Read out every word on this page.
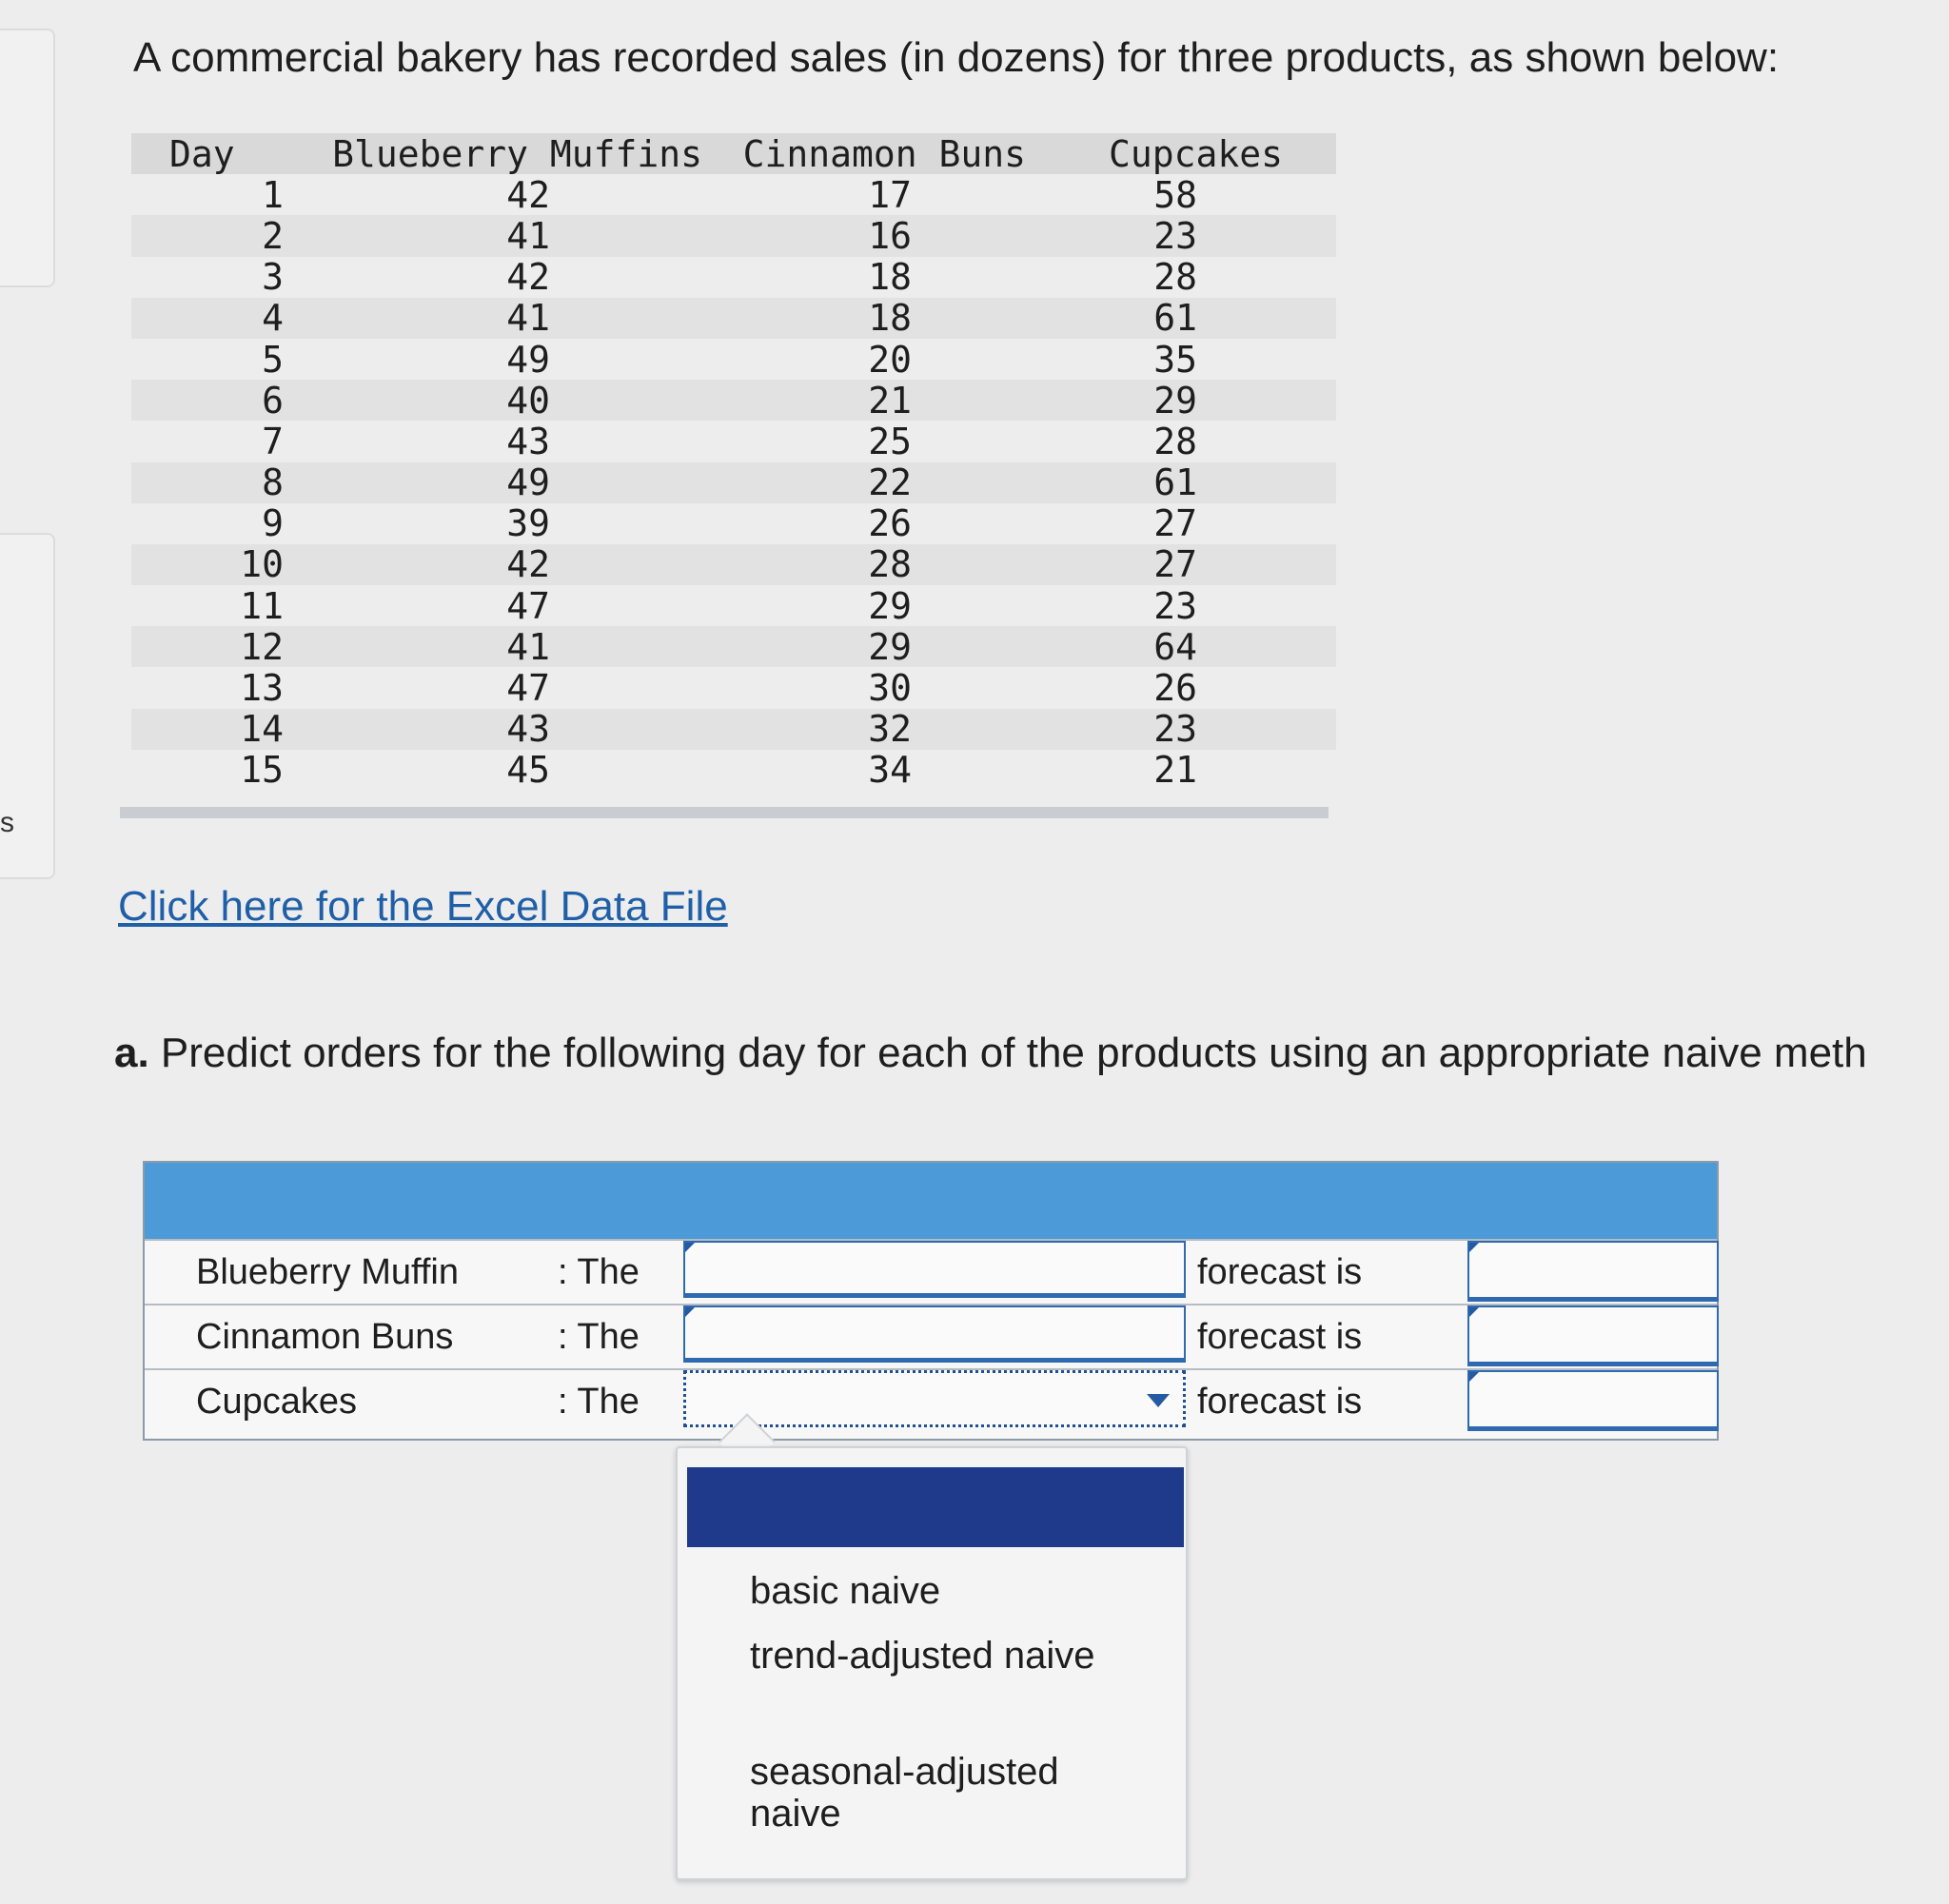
s
A commercial bakery has recorded sales (in dozens) for three products, as shown below:
Day	Blueberry Muffins	Cinnamon Buns	Cupcakes
1	42	17	58
2	41	16	23
3	42	18	28
4	41	18	61
5	49	20	35
6	40	21	29
7	43	25	28
8	49	22	61
9	39	26	27
10	42	28	27
11	47	29	23
12	41	29	64
13	47	30	26
14	43	32	23
15	45	34	21
Click here for the Excel Data File
a. Predict orders for the following day for each of the products using an appropriate naive meth
Blueberry Muffin	: The	forecast is
Cinnamon Buns	: The	forecast is
Cupcakes	: The	forecast is
basic naive
trend-adjusted naive
seasonal-adjusted naive
